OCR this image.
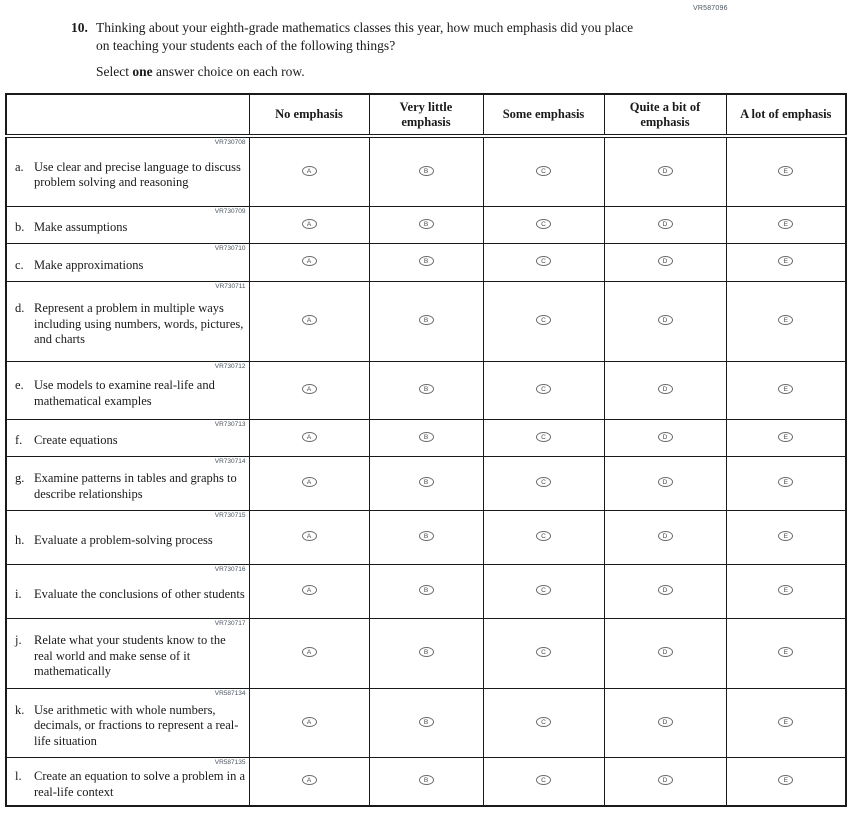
VR587096
10. Thinking about your eighth-grade mathematics classes this year, how much emphasis did you place on teaching your students each of the following things?
Select one answer choice on each row.
	No emphasis	Very little emphasis	Some emphasis	Quite a bit of emphasis	A lot of emphasis

VR730708
a. Use clear and precise language to discuss problem solving and reasoning	A	B	C	D	E

VR730709
b. Make assumptions	A	B	C	D	E

VR730710
c. Make approximations	A	B	C	D	E

VR730711
d. Represent a problem in multiple ways including using numbers, words, pictures, and charts	A	B	C	D	E

VR730712
e. Use models to examine real-life and mathematical examples	A	B	C	D	E

VR730713
f. Create equations	A	B	C	D	E

VR730714
g. Examine patterns in tables and graphs to describe relationships	A	B	C	D	E

VR730715
h. Evaluate a problem-solving process	A	B	C	D	E

VR730716
i. Evaluate the conclusions of other students	A	B	C	D	E

VR730717
j. Relate what your students know to the real world and make sense of it mathematically	A	B	C	D	E

VR587134
k. Use arithmetic with whole numbers, decimals, or fractions to represent a real-life situation	A	B	C	D	E

VR587135
l. Create an equation to solve a problem in a real-life context	A	B	C	D	E
